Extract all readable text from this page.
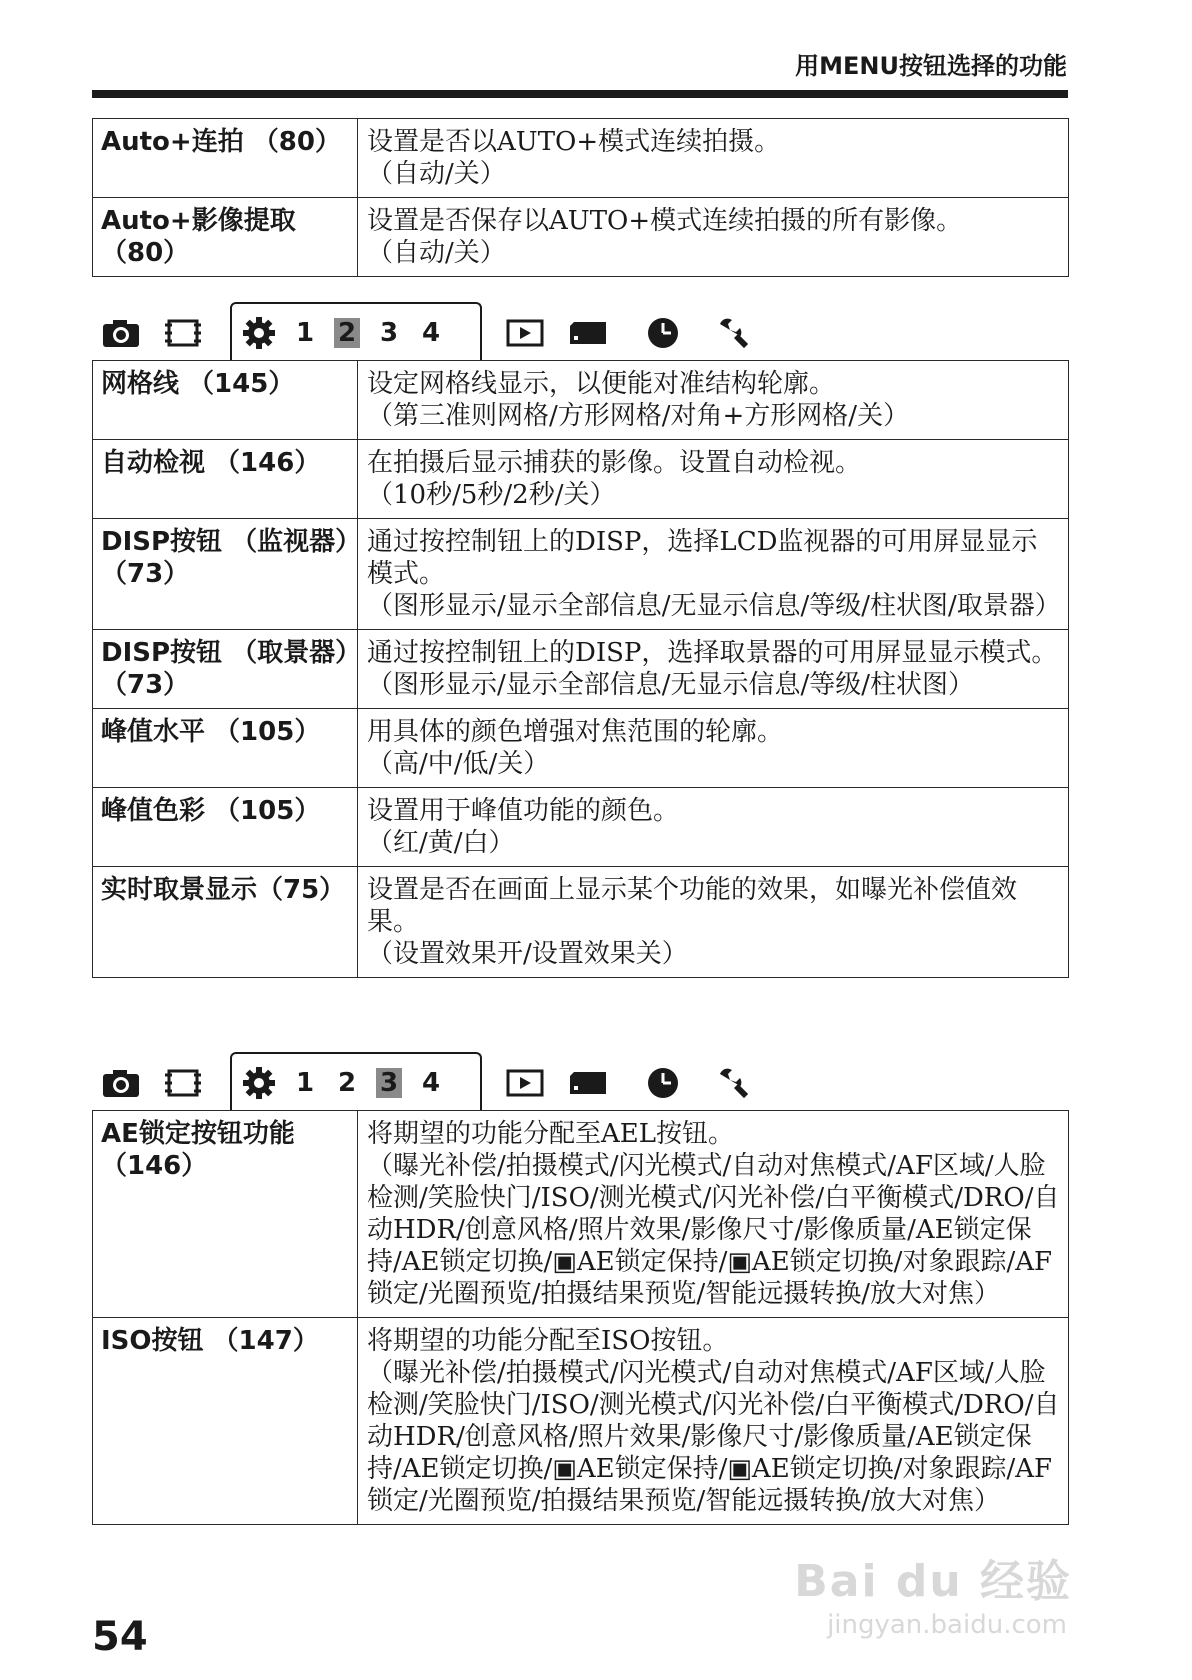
用MENU按钮选择的功能
Auto+连拍 （80）	设置是否以AUTO+模式连续拍摄。
（自动/关）

Auto+影像提取（80）	设置是否保存以AUTO+模式连续拍摄的所有影像。
（自动/关）
1 2 3 4
网格线 （145）	设定网格线显示，以便能对准结构轮廓。
（第三准则网格/方形网格/对角+方形网格/关）

自动检视 （146）	在拍摄后显示捕获的影像。设置自动检视。
（10秒/5秒/2秒/关）

DISP按钮 （监视器）（73）	通过按控制钮上的DISP，选择LCD监视器的可用屏显显示模式。
（图形显示/显示全部信息/无显示信息/等级/柱状图/取景器）

DISP按钮 （取景器）（73）	通过按控制钮上的DISP，选择取景器的可用屏显显示模式。
（图形显示/显示全部信息/无显示信息/等级/柱状图）

峰值水平 （105）	用具体的颜色增强对焦范围的轮廓。
（高/中/低/关）

峰值色彩 （105）	设置用于峰值功能的颜色。
（红/黄/白）

实时取景显示（75）	设置是否在画面上显示某个功能的效果，如曝光补偿值效果。
（设置效果开/设置效果关）
1 2 3 4
AE锁定按钮功能（146）	将期望的功能分配至AEL按钮。
（曝光补偿/拍摄模式/闪光模式/自动对焦模式/AF区域/人脸检测/笑脸快门/ISO/测光模式/闪光补偿/白平衡模式/DRO/自动HDR/创意风格/照片效果/影像尺寸/影像质量/AE锁定保持/AE锁定切换/▣AE锁定保持/▣AE锁定切换/对象跟踪/AF锁定/光圈预览/拍摄结果预览/智能远摄转换/放大对焦）

ISO按钮 （147）	将期望的功能分配至ISO按钮。
（曝光补偿/拍摄模式/闪光模式/自动对焦模式/AF区域/人脸检测/笑脸快门/ISO/测光模式/闪光补偿/白平衡模式/DRO/自动HDR/创意风格/照片效果/影像尺寸/影像质量/AE锁定保持/AE锁定切换/▣AE锁定保持/▣AE锁定切换/对象跟踪/AF锁定/光圈预览/拍摄结果预览/智能远摄转换/放大对焦）
54
Bai du 经验
jingyan.baidu.com
